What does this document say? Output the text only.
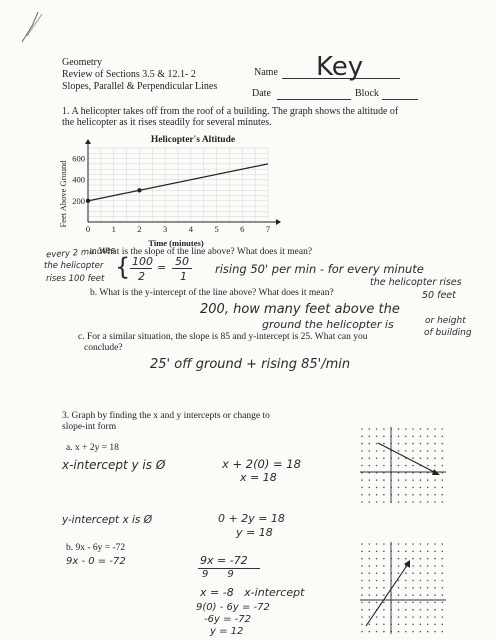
Geometry
Review of Sections 3.5 & 12.1- 2
Slopes, Parallel & Perpendicular Lines
Name Key
Date	Block
1. A helicopter takes off from the roof of a building. The graph shows the altitude of
the helicopter as it rises steadily for several minutes.
0	1	2	3	4	5	6	7
200
400
600
Helicopter's Altitude
Time (minutes)
Feet Above Ground
a. What is the slope of the line above? What does it mean?
every 2 minutes
the helicopter
rises 100 feet { 100
2
= 50
1
rising 50' per min - for every minute
the helicopter rises
50 feet
b. What is the y-intercept of the line above? What does it mean?
200, how many feet above the
ground the helicopter is	or height
of building
c. For a similar situation, the slope is 85 and y-intercept is 25. What can you
conclude?
25' off ground + rising 85'/min
3. Graph by finding the x and y intercepts or change to
slope-int form
a. x + 2y = 18
x-intercept y is Ø	x + 2(0) = 18
x = 18
y-intercept x is Ø	0 + 2y = 18
y = 18
b. 9x - 6y = -72
9x - 0 = -72	9x = -72
9      9
x = -8   x-intercept
9(0) - 6y = -72
-6y = -72
y = 12
